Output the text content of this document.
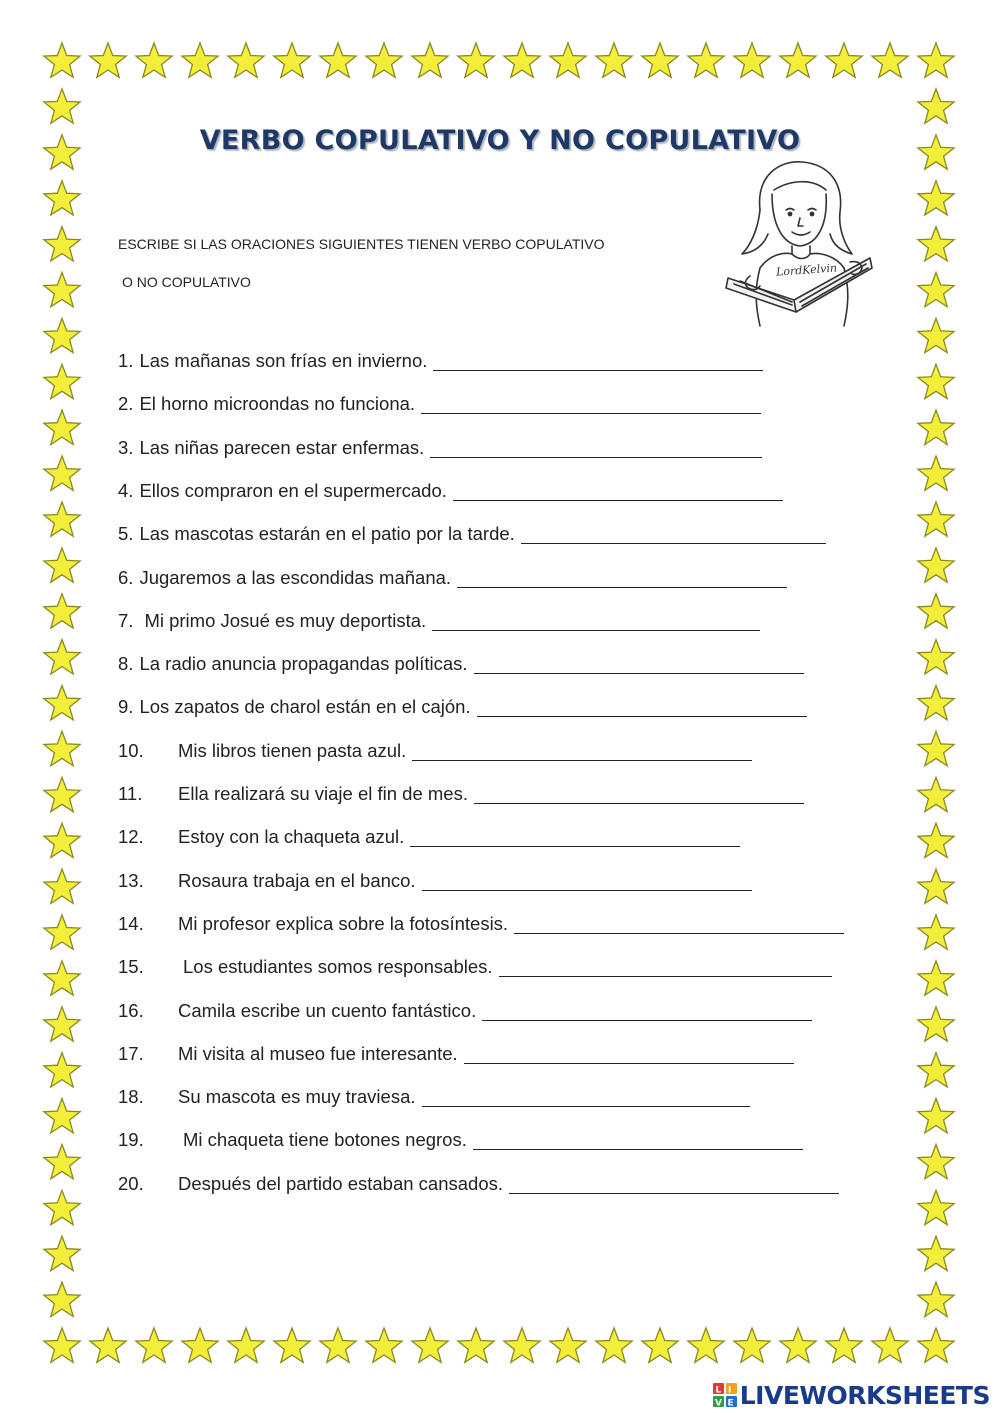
VERBO COPULATIVO Y NO COPULATIVO
ESCRIBE SI LAS ORACIONES SIGUIENTES TIENEN VERBO COPULATIVO
O NO COPULATIVO
LordKelvin
1. Las mañanas son frías en invierno.
2. El horno microondas no funciona.
3. Las niñas parecen estar enfermas.
4. Ellos compraron en el supermercado.
5. Las mascotas estarán en el patio por la tarde.
6. Jugaremos a las escondidas mañana.
7. Mi primo Josué es muy deportista.
8. La radio anuncia propagandas políticas.
9. Los zapatos de charol están en el cajón.
10.	Mis libros tienen pasta azul.
11.	Ella realizará su viaje el fin de mes.
12.	Estoy con la chaqueta azul.
13.	Rosaura trabaja en el banco.
14.	Mi profesor explica sobre la fotosíntesis.
15.	Los estudiantes somos responsables.
16.	Camila escribe un cuento fantástico.
17.	Mi visita al museo fue interesante.
18.	Su mascota es muy traviesa.
19.	Mi chaqueta tiene botones negros.
20.	Después del partido estaban cansados.
L I
V E LIVEWORKSHEETS
